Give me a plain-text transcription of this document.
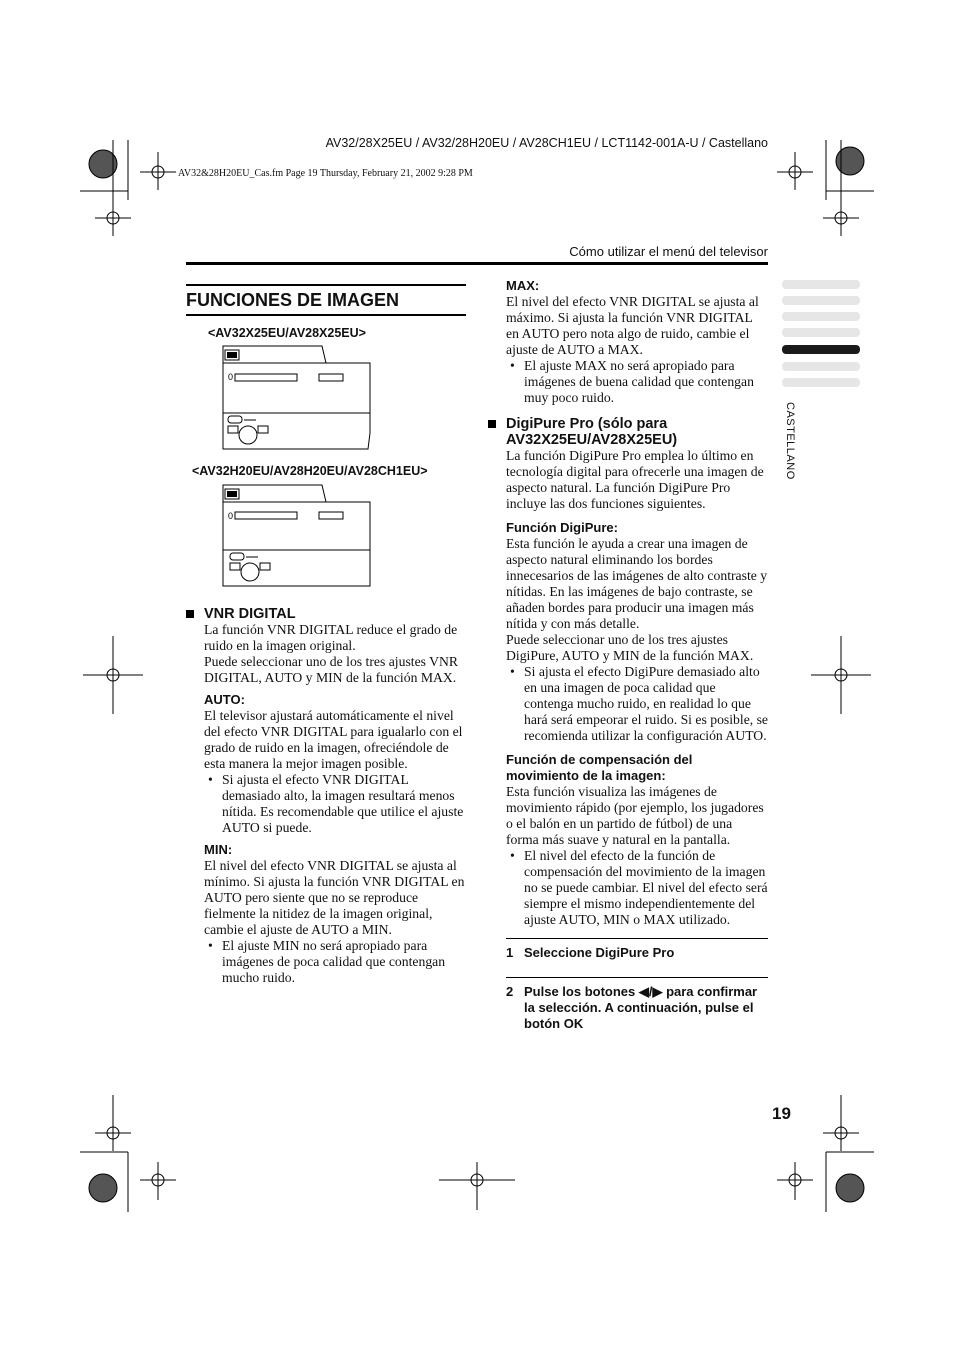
AV32/28X25EU / AV32/28H20EU / AV28CH1EU / LCT1142-001A-U / Castellano
AV32&28H20EU_Cas.fm Page 19 Thursday, February 21, 2002 9:28 PM
Cómo utilizar el menú del televisor
CASTELLANO
FUNCIONES DE IMAGEN
<AV32X25EU/AV28X25EU>
0
<AV32H20EU/AV28H20EU/AV28CH1EU>
0
VNR DIGITAL

La función VNR DIGITAL reduce el grado de ruido en la imagen original.

Puede seleccionar uno de los tres ajustes VNR DIGITAL, AUTO y MIN de la función MAX.

AUTO:

El televisor ajustará automáticamente el nivel del efecto VNR DIGITAL para igualarlo con el grado de ruido en la imagen, ofreciéndole de esta manera la mejor imagen posible.

• Si ajusta el efecto VNR DIGITAL demasiado alto, la imagen resultará menos nítida. Es recomendable que utilice el ajuste AUTO si puede.
MIN:

El nivel del efecto VNR DIGITAL se ajusta al mínimo. Si ajusta la función VNR DIGITAL en AUTO pero siente que no se reproduce fielmente la nitidez de la imagen original, cambie el ajuste de AUTO a MIN.

• El ajuste MIN no será apropiado para imágenes de poca calidad que contengan mucho ruido.
MAX:

El nivel del efecto VNR DIGITAL se ajusta al máximo. Si ajusta la función VNR DIGITAL en AUTO pero nota algo de ruido, cambie el ajuste de AUTO a MAX.

• El ajuste MAX no será apropiado para imágenes de buena calidad que contengan muy poco ruido.
DigiPure Pro (sólo para AV32X25EU/AV28X25EU)

La función DigiPure Pro emplea lo último en tecnología digital para ofrecerle una imagen de aspecto natural. La función DigiPure Pro incluye las dos funciones siguientes.

Función DigiPure:

Esta función le ayuda a crear una imagen de aspecto natural eliminando los bordes innecesarios de las imágenes de alto contraste y nítidas. En las imágenes de bajo contraste, se añaden bordes para producir una imagen más nítida y con más detalle.

Puede seleccionar uno de los tres ajustes DigiPure, AUTO y MIN de la función MAX.

• Si ajusta el efecto DigiPure demasiado alto en una imagen de poca calidad que contenga mucho ruido, en realidad lo que hará será empeorar el ruido. Si es posible, se recomienda utilizar la configuración AUTO.
Función de compensación del movimiento de la imagen:

Esta función visualiza las imágenes de movimiento rápido (por ejemplo, los jugadores o el balón en un partido de fútbol) de una forma más suave y natural en la pantalla.

• El nivel del efecto de la función de compensación del movimiento de la imagen no se puede cambiar. El nivel del efecto será siempre el mismo independientemente del ajuste AUTO, MIN o MAX utilizado.
1 Seleccione DigiPure Pro
2 Pulse los botones ◀/▶ para confirmar la selección. A continuación, pulse el botón OK
19
